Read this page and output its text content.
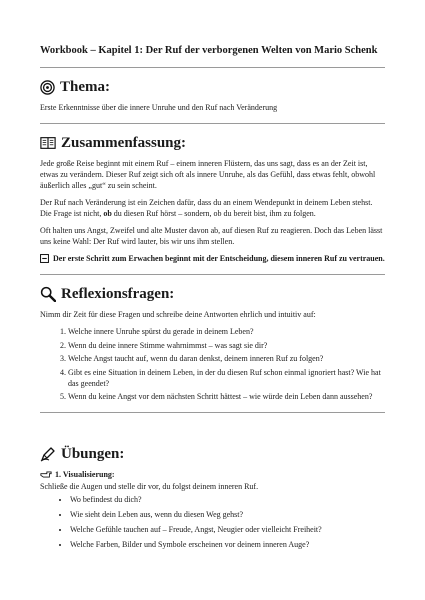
Workbook – Kapitel 1: Der Ruf der verborgenen Welten von Mario Schenk
Thema:

Erste Erkenntnisse über die innere Unruhe und den Ruf nach Veränderung

Zusammenfassung:

Jede große Reise beginnt mit einem Ruf – einem inneren Flüstern, das uns sagt, dass es an der Zeit ist, etwas zu verändern. Dieser Ruf zeigt sich oft als innere Unruhe, als das Gefühl, dass etwas fehlt, obwohl äußerlich alles „gut“ zu sein scheint.

Der Ruf nach Veränderung ist ein Zeichen dafür, dass du an einem Wendepunkt in deinem Leben stehst. Die Frage ist nicht, ob du diesen Ruf hörst – sondern, ob du bereit bist, ihm zu folgen.

Oft halten uns Angst, Zweifel und alte Muster davon ab, auf diesen Ruf zu reagieren. Doch das Leben lässt uns keine Wahl: Der Ruf wird lauter, bis wir uns ihm stellen.

Der erste Schritt zum Erwachen beginnt mit der Entscheidung, diesem inneren Ruf zu vertrauen.
Reflexionsfragen:

Nimm dir Zeit für diese Fragen und schreibe deine Antworten ehrlich und intuitiv auf:

1. Welche innere Unruhe spürst du gerade in deinem Leben?
2. Wenn du deine innere Stimme wahrnimmst – was sagt sie dir?
3. Welche Angst taucht auf, wenn du daran denkst, deinem inneren Ruf zu folgen?
4. Gibt es eine Situation in deinem Leben, in der du diesen Ruf schon einmal ignoriert hast? Wie hat das geendet?
5. Wenn du keine Angst vor dem nächsten Schritt hättest – wie würde dein Leben dann aussehen?
Übungen:
1. Visualisierung:

Schließe die Augen und stelle dir vor, du folgst deinem inneren Ruf.

• Wo befindest du dich?
• Wie sieht dein Leben aus, wenn du diesen Weg gehst?
• Welche Gefühle tauchen auf – Freude, Angst, Neugier oder vielleicht Freiheit?
• Welche Farben, Bilder und Symbole erscheinen vor deinem inneren Auge?
